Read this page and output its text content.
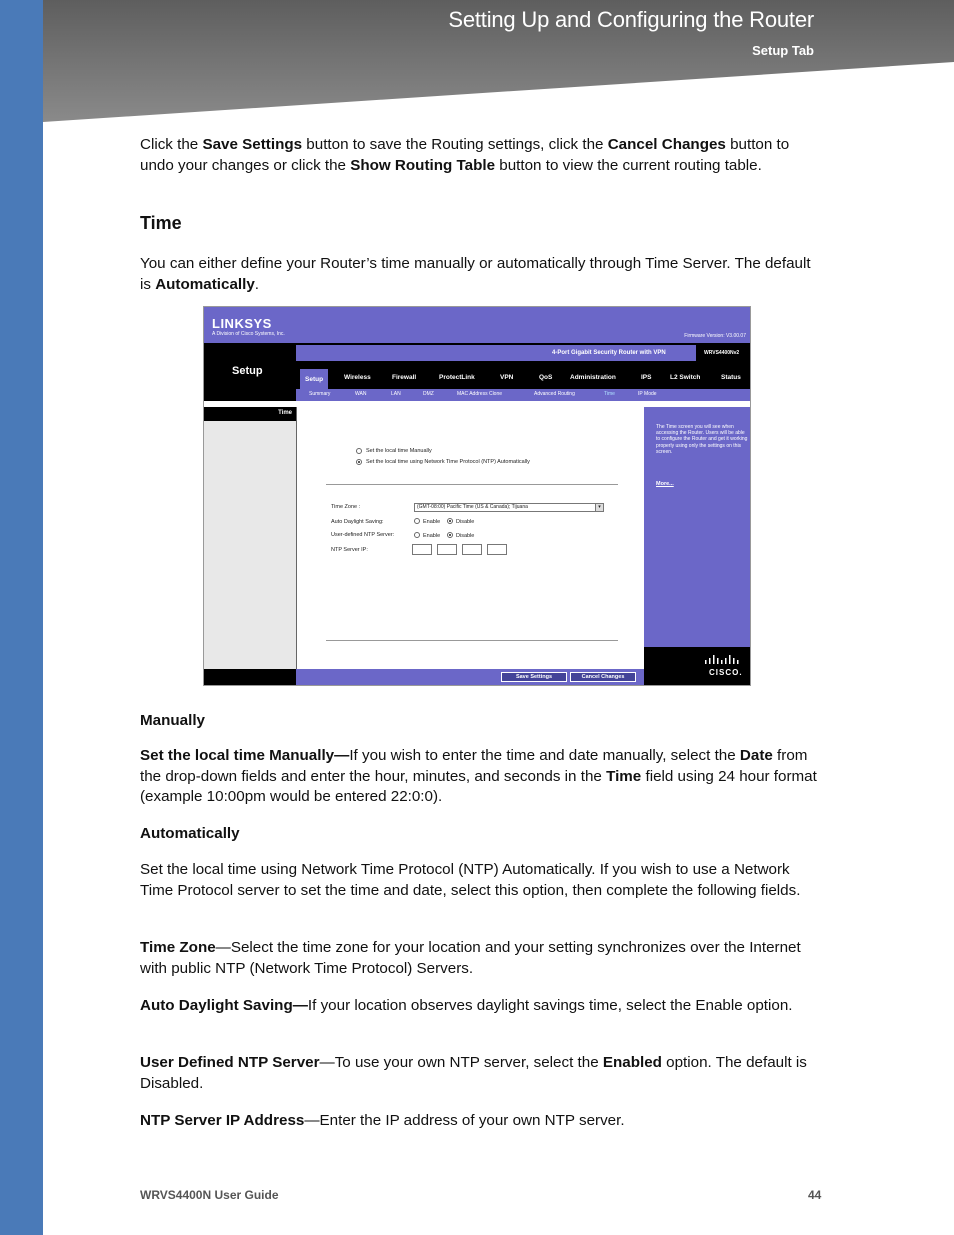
Setting Up and Configuring the Router
Setup Tab

Click the Save Settings button to save the Routing settings, click the Cancel Changes button to undo your changes or click the Show Routing Table button to view the current routing table.

Time

You can either define your Router’s time manually or automatically through Time Server. The default is Automatically.

LINKSYS
A Division of Cisco Systems, Inc.	Firmware Version: V3.00.07
Setup
4-Port Gigabit Security Router with VPN	WRVS4400Nv2
Setup	Wireless	Firewall	ProtectLink	VPN	QoS	Administration	IPS	L2 Switch	Status
Summary	WAN	LAN	DMZ	MAC Address Clone	Advanced Routing	Time	IP Mode
Time
Set the local time Manually
Set the local time using Network Time Protocol (NTP) Automatically
Time Zone :	(GMT-08:00) Pacific Time (US & Canada); Tijuana	▾
Auto Daylight Saving:	Enable	Disable
User-defined NTP Server:	Enable	Disable
NTP Server IP:
The Time screen you will see when accessing the Router. Users will be able to configure the Router and get it working properly using only the settings on this screen.
More...
Save Settings	Cancel Changes	CISCO.
Manually

Set the local time Manually—If you wish to enter the time and date manually, select the Date from the drop-down fields and enter the hour, minutes, and seconds in the Time field using 24 hour format (example 10:00pm would be entered 22:0:0).

Automatically

Set the local time using Network Time Protocol (NTP) Automatically. If you wish to use a Network Time Protocol server to set the time and date, select this option, then complete the following fields.

Time Zone—Select the time zone for your location and your setting synchronizes over the Internet with public NTP (Network Time Protocol) Servers.

Auto Daylight Saving—If your location observes daylight savings time, select the Enable option.

User Defined NTP Server—To use your own NTP server, select the Enabled option. The default is Disabled.

NTP Server IP Address—Enter the IP address of your own NTP server.

WRVS4400N User Guide	44
